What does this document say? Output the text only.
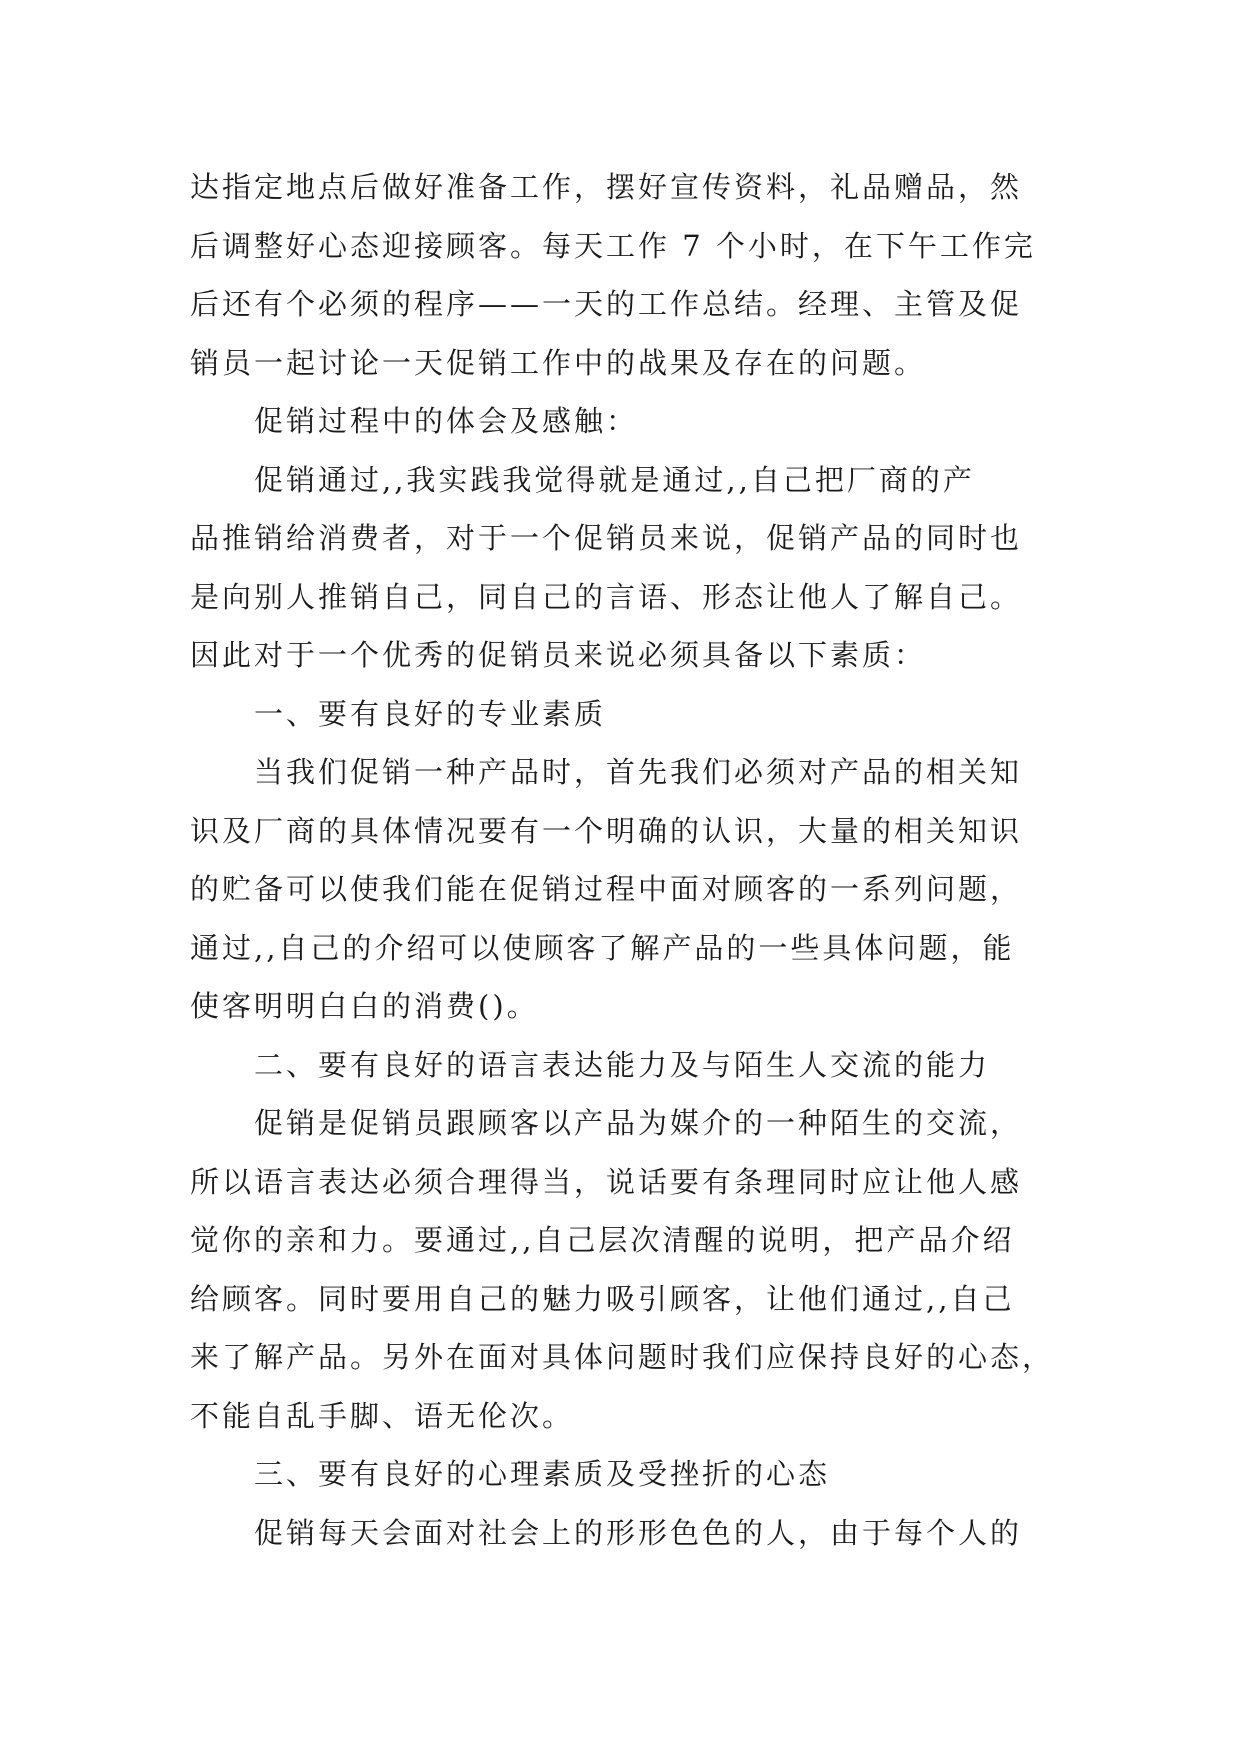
达指定地点后做好准备工作，摆好宣传资料，礼品赠品，然
后调整好心态迎接顾客。每天工作 7 个小时，在下午工作完
后还有个必须的程序——一天的工作总结。经理、主管及促
销员一起讨论一天促销工作中的战果及存在的问题。
促销过程中的体会及感触：
促销通过,,我实践我觉得就是通过,,自己把厂商的产
品推销给消费者，对于一个促销员来说，促销产品的同时也
是向别人推销自己，同自己的言语、形态让他人了解自己。
因此对于一个优秀的促销员来说必须具备以下素质：
一、要有良好的专业素质
当我们促销一种产品时，首先我们必须对产品的相关知
识及厂商的具体情况要有一个明确的认识，大量的相关知识
的贮备可以使我们能在促销过程中面对顾客的一系列问题，
通过,,自己的介绍可以使顾客了解产品的一些具体问题，能
使客明明白白的消费()。
二、要有良好的语言表达能力及与陌生人交流的能力
促销是促销员跟顾客以产品为媒介的一种陌生的交流，
所以语言表达必须合理得当，说话要有条理同时应让他人感
觉你的亲和力。要通过,,自己层次清醒的说明，把产品介绍
给顾客。同时要用自己的魅力吸引顾客，让他们通过,,自己
来了解产品。另外在面对具体问题时我们应保持良好的心态，
不能自乱手脚、语无伦次。
三、要有良好的心理素质及受挫折的心态
促销每天会面对社会上的形形色色的人，由于每个人的
